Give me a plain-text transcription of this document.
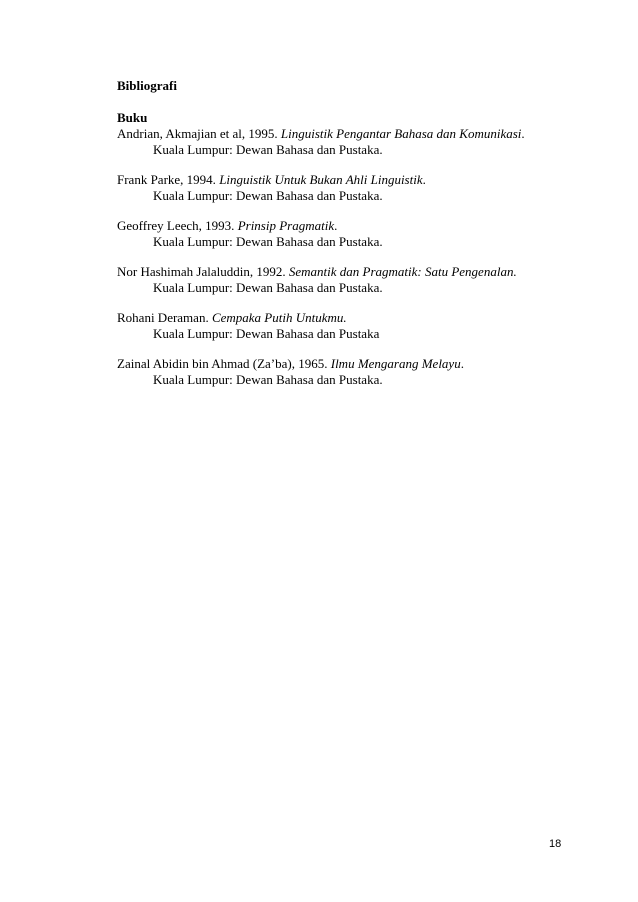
Bibliografi
Buku
Andrian, Akmajian et al, 1995. Linguistik Pengantar Bahasa dan Komunikasi.
Kuala Lumpur: Dewan Bahasa dan Pustaka.
Frank Parke, 1994. Linguistik Untuk Bukan Ahli Linguistik.
Kuala Lumpur: Dewan Bahasa dan Pustaka.
Geoffrey Leech, 1993. Prinsip Pragmatik.
Kuala Lumpur: Dewan Bahasa dan Pustaka.
Nor Hashimah Jalaluddin, 1992. Semantik dan Pragmatik: Satu Pengenalan.
Kuala Lumpur: Dewan Bahasa dan Pustaka.
Rohani Deraman. Cempaka Putih Untukmu.
Kuala Lumpur: Dewan Bahasa dan Pustaka
Zainal Abidin bin Ahmad (Za’ba), 1965. Ilmu Mengarang Melayu.
Kuala Lumpur: Dewan Bahasa dan Pustaka.
18
